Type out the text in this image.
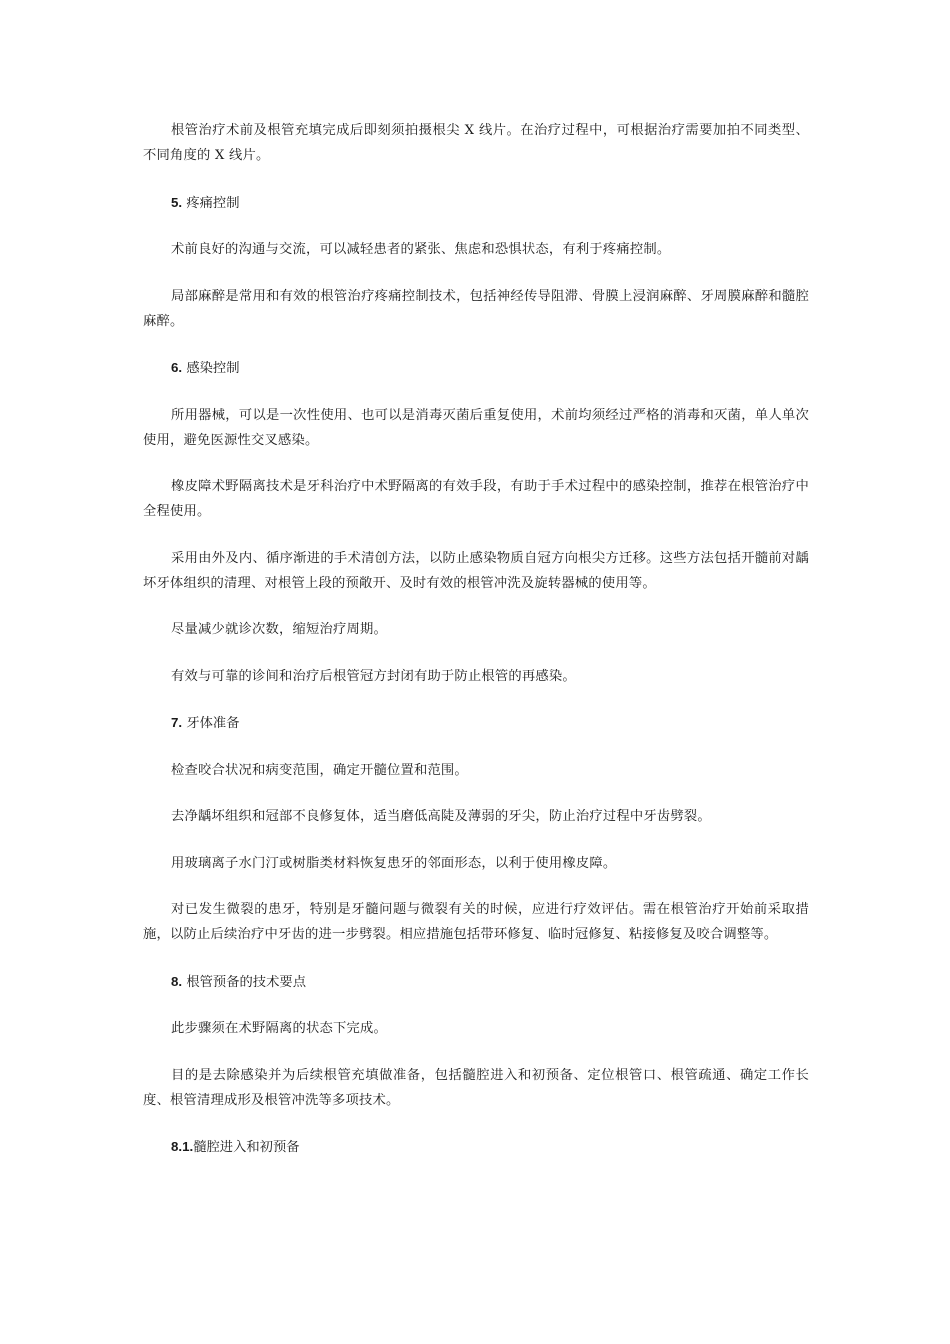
根管治疗术前及根管充填完成后即刻须拍摄根尖 X 线片。在治疗过程中，可根据治疗需要加拍不同类型、不同角度的 X 线片。

5. 疼痛控制

术前良好的沟通与交流，可以减轻患者的紧张、焦虑和恐惧状态，有利于疼痛控制。

局部麻醉是常用和有效的根管治疗疼痛控制技术，包括神经传导阻滞、骨膜上浸润麻醉、牙周膜麻醉和髓腔麻醉。

6. 感染控制

所用器械，可以是一次性使用、也可以是消毒灭菌后重复使用，术前均须经过严格的消毒和灭菌，单人单次使用，避免医源性交叉感染。

橡皮障术野隔离技术是牙科治疗中术野隔离的有效手段，有助于手术过程中的感染控制，推荐在根管治疗中全程使用。

采用由外及内、循序渐进的手术清创方法，以防止感染物质自冠方向根尖方迁移。这些方法包括开髓前对龋坏牙体组织的清理、对根管上段的预敞开、及时有效的根管冲洗及旋转器械的使用等。

尽量减少就诊次数，缩短治疗周期。

有效与可靠的诊间和治疗后根管冠方封闭有助于防止根管的再感染。

7. 牙体准备

检查咬合状况和病变范围，确定开髓位置和范围。

去净龋坏组织和冠部不良修复体，适当磨低高陡及薄弱的牙尖，防止治疗过程中牙齿劈裂。

用玻璃离子水门汀或树脂类材料恢复患牙的邻面形态，以利于使用橡皮障。

对已发生微裂的患牙，特别是牙髓问题与微裂有关的时候，应进行疗效评估。需在根管治疗开始前采取措施，以防止后续治疗中牙齿的进一步劈裂。相应措施包括带环修复、临时冠修复、粘接修复及咬合调整等。

8. 根管预备的技术要点

此步骤须在术野隔离的状态下完成。

目的是去除感染并为后续根管充填做准备，包括髓腔进入和初预备、定位根管口、根管疏通、确定工作长度、根管清理成形及根管冲洗等多项技术。

8.1.髓腔进入和初预备
